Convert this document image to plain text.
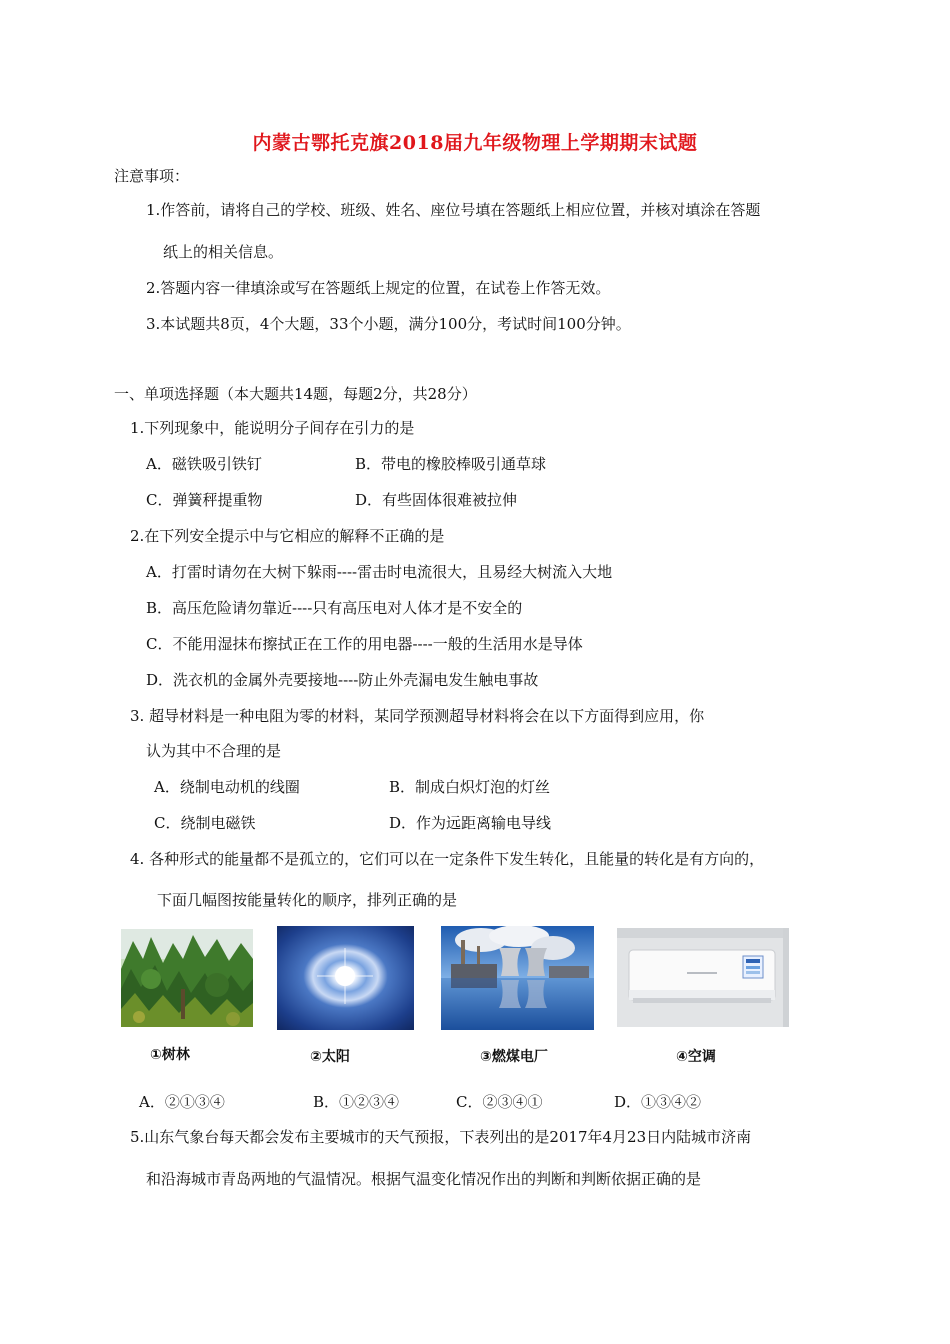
内蒙古鄂托克旗2018届九年级物理上学期期末试题
注意事项：
1.作答前，请将自己的学校、班级、姓名、座位号填在答题纸上相应位置，并核对填涂在答题
纸上的相关信息。
2.答题内容一律填涂或写在答题纸上规定的位置，在试卷上作答无效。
3.本试题共8页，4个大题，33个小题，满分100分，考试时间100分钟。
一、单项选择题（本大题共14题，每题2分，共28分）
1.下列现象中，能说明分子间存在引力的是
A．磁铁吸引铁钉	B．带电的橡胶棒吸引通草球
C．弹簧秤提重物	D．有些固体很难被拉伸
2.在下列安全提示中与它相应的解释不正确的是
A．打雷时请勿在大树下躲雨----雷击时电流很大，且易经大树流入大地
B．高压危险请勿靠近----只有高压电对人体才是不安全的
C．不能用湿抹布擦拭正在工作的用电器----一般的生活用水是导体
D．洗衣机的金属外壳要接地----防止外壳漏电发生触电事故
3. 超导材料是一种电阻为零的材料，某同学预测超导材料将会在以下方面得到应用，你
认为其中不合理的是
A．绕制电动机的线圈	B．制成白炽灯泡的灯丝
C．绕制电磁铁	D．作为远距离输电导线
4. 各种形式的能量都不是孤立的，它们可以在一定条件下发生转化，且能量的转化是有方向的，
下面几幅图按能量转化的顺序，排列正确的是
①树林	②太阳	③燃煤电厂	④空调
A．②①③④	B．①②③④	C．②③④①	D．①③④②
5.山东气象台每天都会发布主要城市的天气预报，下表列出的是2017年4月23日内陆城市济南
和沿海城市青岛两地的气温情况。根据气温变化情况作出的判断和判断依据正确的是
